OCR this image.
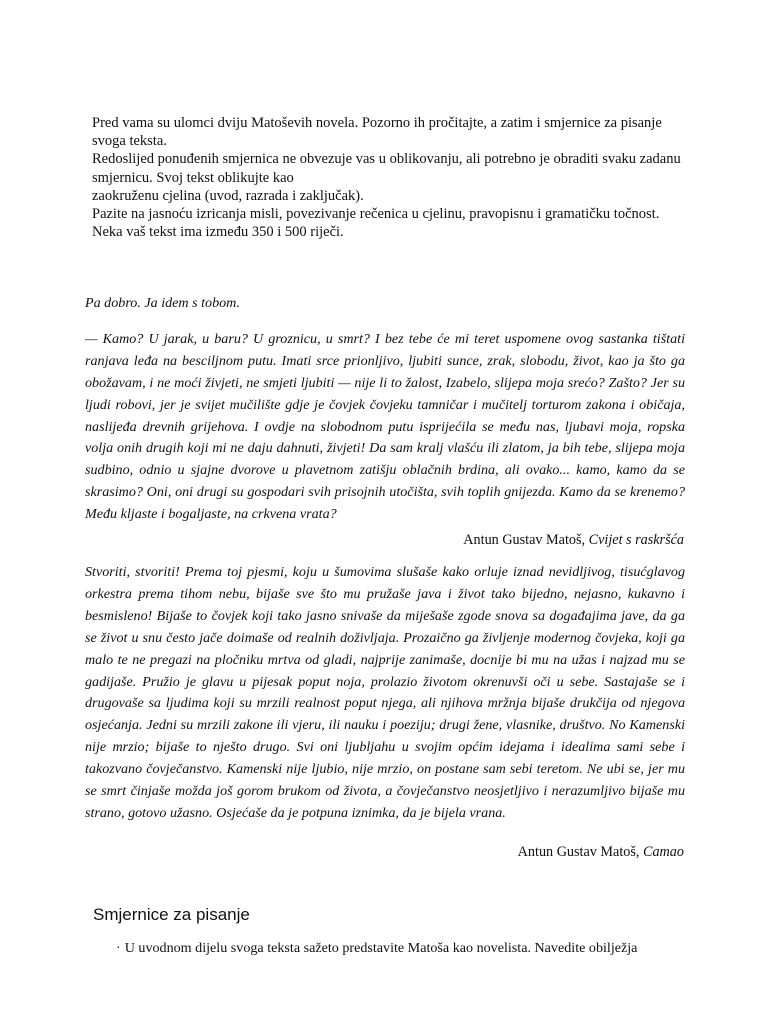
Pred vama su ulomci dviju Matoševih novela. Pozorno ih pročitajte, a zatim i smjernice za pisanje svoga teksta.

Redoslijed ponuđenih smjernica ne obvezuje vas u oblikovanju, ali potrebno je obraditi svaku zadanu smjernicu. Svoj tekst oblikujte kao

zaokruženu cjelina (uvod, razrada i zaključak).

Pazite na jasnoću izricanja misli, povezivanje rečenica u cjelinu, pravopisnu i gramatičku točnost. Neka vaš tekst ima između 350 i 500 riječi.

Pa dobro. Ja idem s tobom.

— Kamo? U jarak, u baru? U groznicu, u smrt? I bez tebe će mi teret uspomene ovog sastanka tištati ranjava leđa na besciljnom putu. Imati srce prionljivo, ljubiti sunce, zrak, slobodu, život, kao ja što ga obožavam, i ne moći živjeti, ne smjeti ljubiti — nije li to žalost, Izabelo, slijepa moja srećo? Zašto? Jer su ljudi robovi, jer je svijet mučilište gdje je čovjek čovjeku tamničar i mučitelj torturom zakona i običaja, naslijeđa drevnih grijehova. I ovdje na slobodnom putu isprijećila se među nas, ljubavi moja, ropska volja onih drugih koji mi ne daju dahnuti, živjeti! Da sam kralj vlašću ili zlatom, ja bih tebe, slijepa moja sudbino, odnio u sjajne dvorove u plavetnom zatišju oblačnih brdina, ali ovako... kamo, kamo da se skrasimo? Oni, oni drugi su gospodari svih prisojnih utočišta, svih toplih gnijezda. Kamo da se krenemo? Među kljaste i bogaljaste, na crkvena vrata?

Antun Gustav Matoš, Cvijet s raskršća

Stvoriti, stvoriti! Prema toj pjesmi, koju u šumovima slušaše kako orluje iznad nevidljivog, tisućglavog orkestra prema tihom nebu, bijaše sve što mu pružaše java i život tako bijedno, nejasno, kukavno i besmisleno! Bijaše to čovjek koji tako jasno snivaše da miješaše zgode snova sa događajima jave, da ga se život u snu često jače doimaše od realnih doživljaja. Prozaično ga življenje modernog čovjeka, koji ga malo te ne pregazi na pločniku mrtva od gladi, najprije zanimaše, docnije bi mu na užas i najzad mu se gadijaše. Pružio je glavu u pijesak poput noja, prolazio životom okrenuvši oči u sebe. Sastajaše se i drugovaše sa ljudima koji su mrzili realnost poput njega, ali njihova mržnja bijaše drukčija od njegova osjećanja. Jedni su mrzili zakone ili vjeru, ili nauku i poeziju; drugi žene, vlasnike, društvo. No Kamenski nije mrzio; bijaše to nješto drugo. Svi oni ljubljahu u svojim općim idejama i idealima sami sebe i takozvano čovječanstvo. Kamenski nije ljubio, nije mrzio, on postane sam sebi teretom. Ne ubi se, jer mu se smrt činjaše možda još gorom brukom od života, a čovječanstvo neosjetljivo i nerazumljivo bijaše mu strano, gotovo užasno. Osjećaše da je potpuna iznimka, da je bijela vrana.

Antun Gustav Matoš, Camao
Smjernice za pisanje
· U uvodnom dijelu svoga teksta sažeto predstavite Matoša kao novelista. Navedite obilježja
